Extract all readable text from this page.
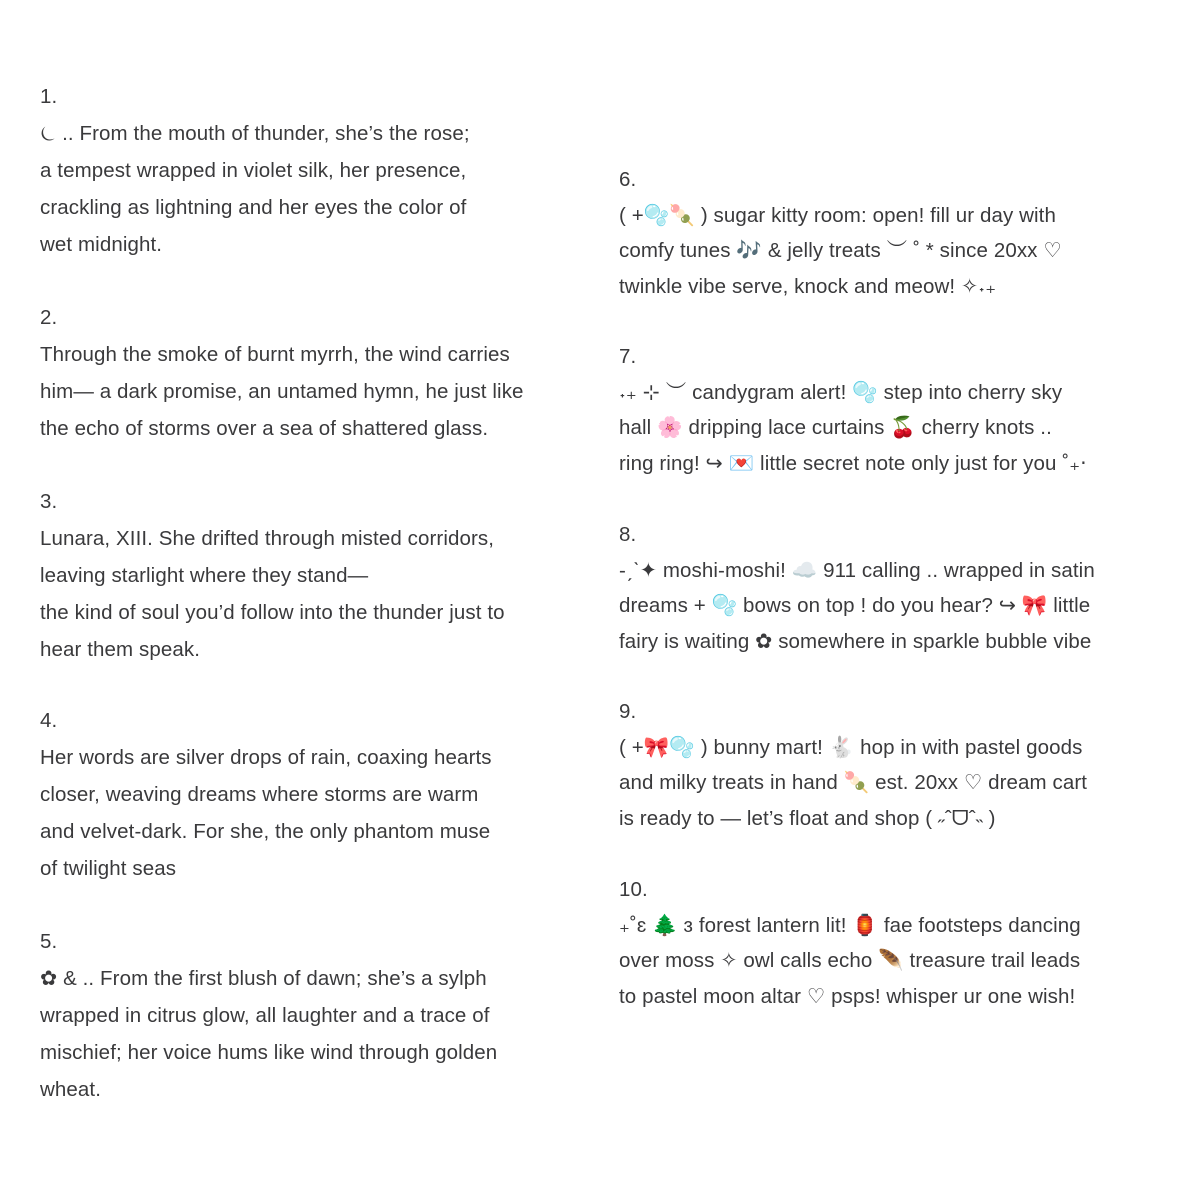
1.
⏾ .. From the mouth of thunder, she’s the rose;
a tempest wrapped in violet silk, her presence,
crackling as lightning and her eyes the color of
wet midnight.
2.
Through the smoke of burnt myrrh, the wind carries
him— a dark promise, an untamed hymn, he just like
the echo of storms over a sea of shattered glass.
3.
Lunara, XIII. She drifted through misted corridors,
leaving starlight where they stand—
the kind of soul you’d follow into the thunder just to
hear them speak.
4.
Her words are silver drops of rain, coaxing hearts
closer, weaving dreams where storms are warm
and velvet-dark. For she, the only phantom muse
of twilight seas
5.
✿ & .. From the first blush of dawn; she’s a sylph
wrapped in citrus glow, all laughter and a trace of
mischief; her voice hums like wind through golden
wheat.
6.
( +🫧🍡 ) sugar kitty room: open! fill ur day with
comfy tunes 🎶 & jelly treats ︶ ˚ * since 20xx ♡
twinkle vibe serve, knock and meow! ✧˖₊
7.
˖₊ ⊹ ︶ candygram alert! 🫧 step into cherry sky
hall 🌸 dripping lace curtains 🍒 cherry knots ..
ring ring! ↪ 💌 little secret note only just for you ˚₊‧
8.
-ˏˋ✦ moshi-moshi! ☁️ 911 calling .. wrapped in satin
dreams + 🫧 bows on top ! do you hear? ↪ 🎀 little
fairy is waiting ✿ somewhere in sparkle bubble vibe
9.
( +🎀🫧 ) bunny mart! 🐇 hop in with pastel goods
and milky treats in hand 🍡 est. 20xx ♡ dream cart
is ready to — let’s float and shop ( ˶ˆᗜˆ˵ )
10.
₊˚ɛ 🌲 ɜ forest lantern lit! 🏮 fae footsteps dancing
over moss ✧ owl calls echo 🪶 treasure trail leads
to pastel moon altar ♡ psps! whisper ur one wish!
